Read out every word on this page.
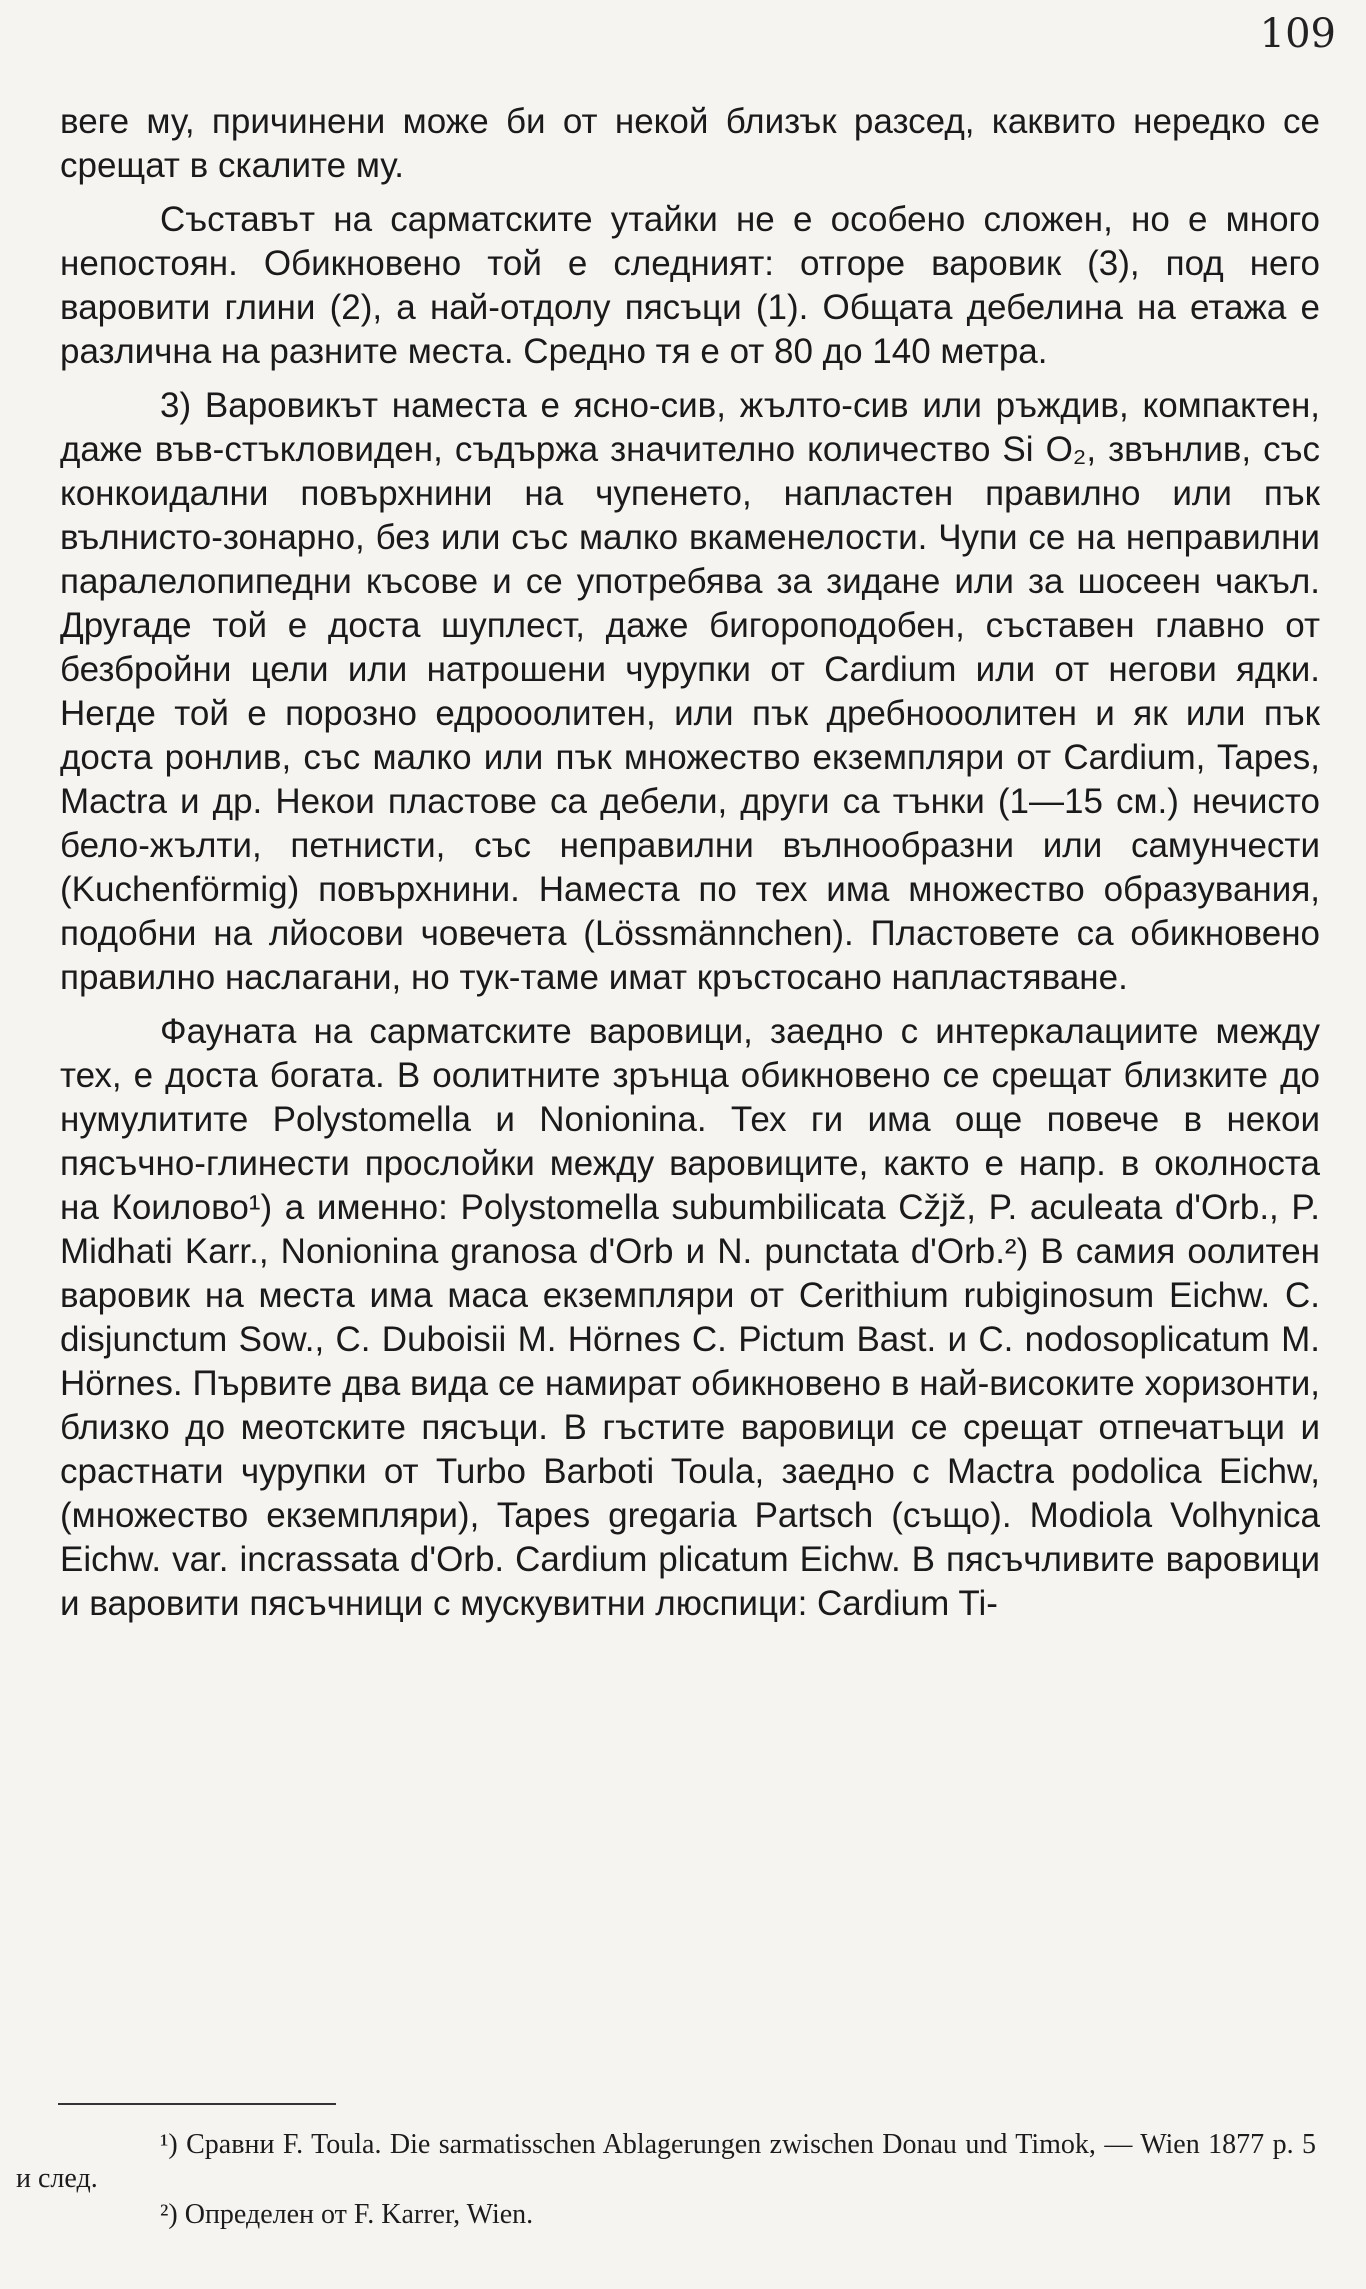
109

веге му, причинени може би от некой близък разсед, каквито нередко се срещат в скалите му.

Съставът на сарматските утайки не е особено сложен, но е много непостоян. Обикновено той е следният: отгоре варовик (3), под него варовити глини (2), а най-отдолу пясъци (1). Общата дебелина на етажа е различна на разните места. Средно тя е от 80 до 140 метра.

3) Варовикът наместа е ясно-сив, жълто-сив или ръждив, компактен, даже във-стъкловиден, съдържа значително количество Si O₂, звънлив, със конкоидални повърхнини на чупенето, напластен правилно или пък вълнисто-зонарно, без или със малко вкаменелости. Чупи се на неправилни паралелопипедни късове и се употребява за зидане или за шосеен чакъл. Другаде той е доста шуплест, даже бигороподобен, съставен главно от безбройни цели или натрошени чурупки от Cardium или от негови ядки. Негде той е порозно едрооолитен, или пък дребнооолитен и як или пък доста ронлив, със малко или пък множество екземпляри от Cardium, Tapes, Mactra и др. Некои пластове са дебели, други са тънки (1—15 см.) нечисто бело-жълти, петнисти, със неправилни вълнообразни или самунчести (Kuchenförmig) повърхнини. Наместа по тех има множество образувания, подобни на лйосови човечета (Lössmännchen). Пластовете са обикновено правилно наслагани, но тук-таме имат кръстосано напластяване.

Фауната на сарматските варовици, заедно с интеркалациите между тех, е доста богата. В оолитните зрънца обикновено се срещат близките до нумулитите Polystomella и Nonionina. Тех ги има още повече в некои пясъчно-глинести прослойки между варовиците, както е напр. в околноста на Коилово¹) а именно: Polystomella subumbilicata Cžjž, P. aculeata d'Orb., P. Midhati Karr., Nonionina granosa d'Orb и N. punctata d'Orb.²) В самия оолитен варовик на места има маса екземпляри от Cerithium rubiginosum Eichw. C. disjunctum Sow., C. Duboisii M. Hörnes C. Pictum Bast. и C. nodosoplicatum M. Hörnes. Първите два вида се намират обикновено в най-високите хоризонти, близко до меотските пясъци. В гъстите варовици се срещат отпечатъци и срастнати чурупки от Turbo Barboti Toula, заедно с Mactra podolica Eichw, (множество екземпляри), Tapes gregaria Partsch (също). Modiola Volhynica Eichw. var. incrassata d'Orb. Cardium plicatum Eichw. В пясъчливите варовици и варовити пясъчници с мускувитни люспици: Cardium Ti-

¹) Сравни F. Toula. Die sarmatisschen Ablagerungen zwischen Donau und Timok, — Wien 1877 p. 5 и след.

²) Определен от F. Karrer, Wien.
